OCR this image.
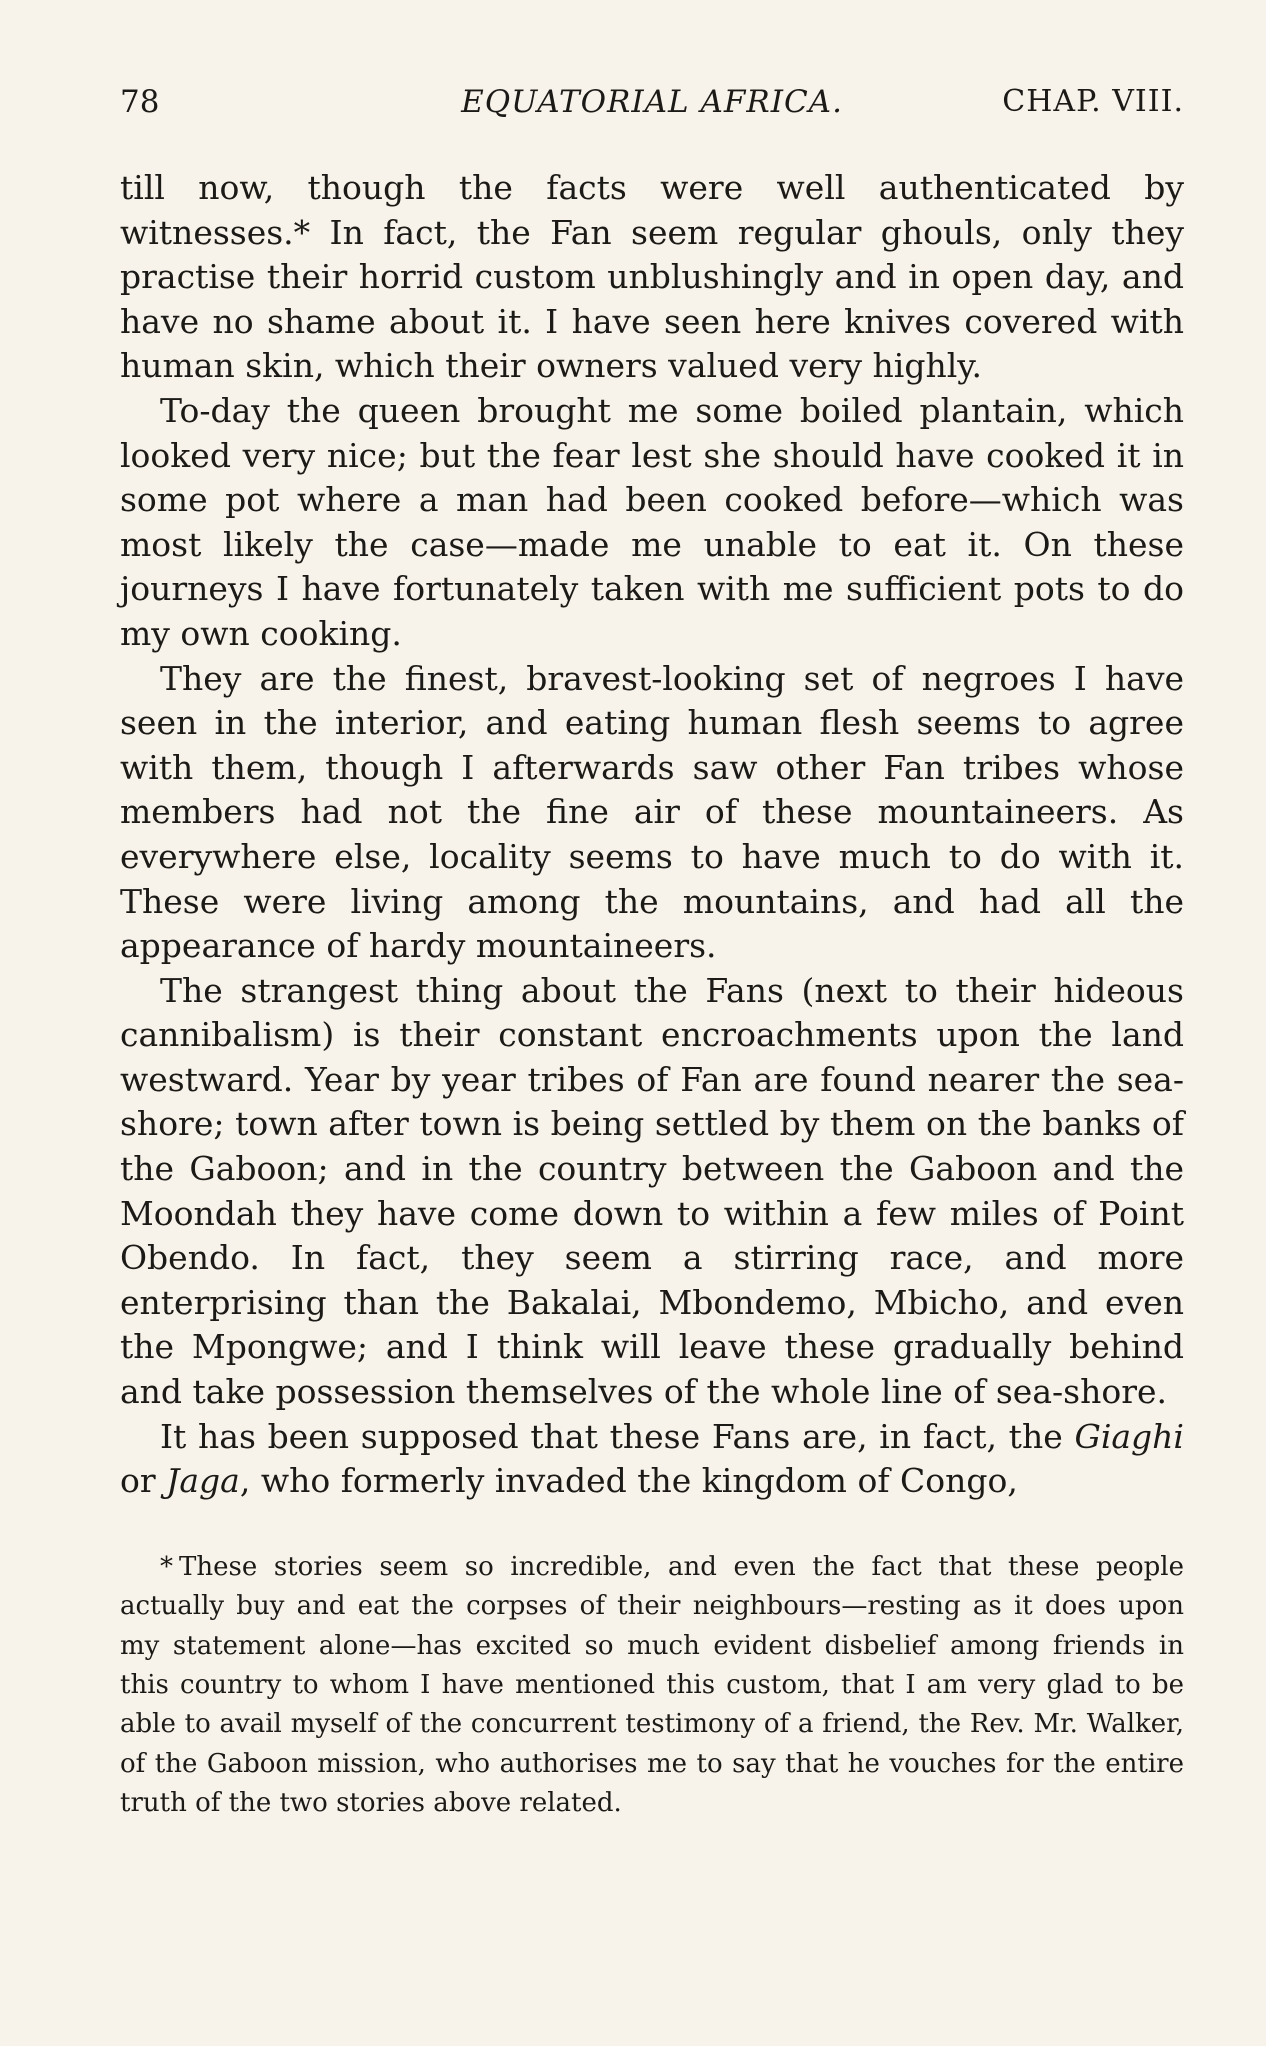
78	EQUATORIAL AFRICA.	CHAP. VIII.

till now, though the facts were well authenticated by witnesses.* In fact, the Fan seem regular ghouls, only they practise their horrid custom unblushingly and in open day, and have no shame about it. I have seen here knives covered with human skin, which their owners valued very highly.

To-day the queen brought me some boiled plantain, which looked very nice; but the fear lest she should have cooked it in some pot where a man had been cooked before—which was most likely the case—made me unable to eat it. On these journeys I have fortunately taken with me sufficient pots to do my own cooking.

They are the finest, bravest-looking set of negroes I have seen in the interior, and eating human flesh seems to agree with them, though I afterwards saw other Fan tribes whose members had not the fine air of these mountaineers. As everywhere else, locality seems to have much to do with it. These were living among the mountains, and had all the appearance of hardy mountaineers.

The strangest thing about the Fans (next to their hideous cannibalism) is their constant encroachments upon the land westward. Year by year tribes of Fan are found nearer the sea-shore; town after town is being settled by them on the banks of the Gaboon; and in the country between the Gaboon and the Moondah they have come down to within a few miles of Point Obendo. In fact, they seem a stirring race, and more enterprising than the Bakalai, Mbondemo, Mbicho, and even the Mpongwe; and I think will leave these gradually behind and take possession themselves of the whole line of sea-shore.

It has been supposed that these Fans are, in fact, the Giaghi or Jaga, who formerly invaded the kingdom of Congo,

* These stories seem so incredible, and even the fact that these people actually buy and eat the corpses of their neighbours—resting as it does upon my statement alone—has excited so much evident disbelief among friends in this country to whom I have mentioned this custom, that I am very glad to be able to avail myself of the concurrent testimony of a friend, the Rev. Mr. Walker, of the Gaboon mission, who authorises me to say that he vouches for the entire truth of the two stories above related.
